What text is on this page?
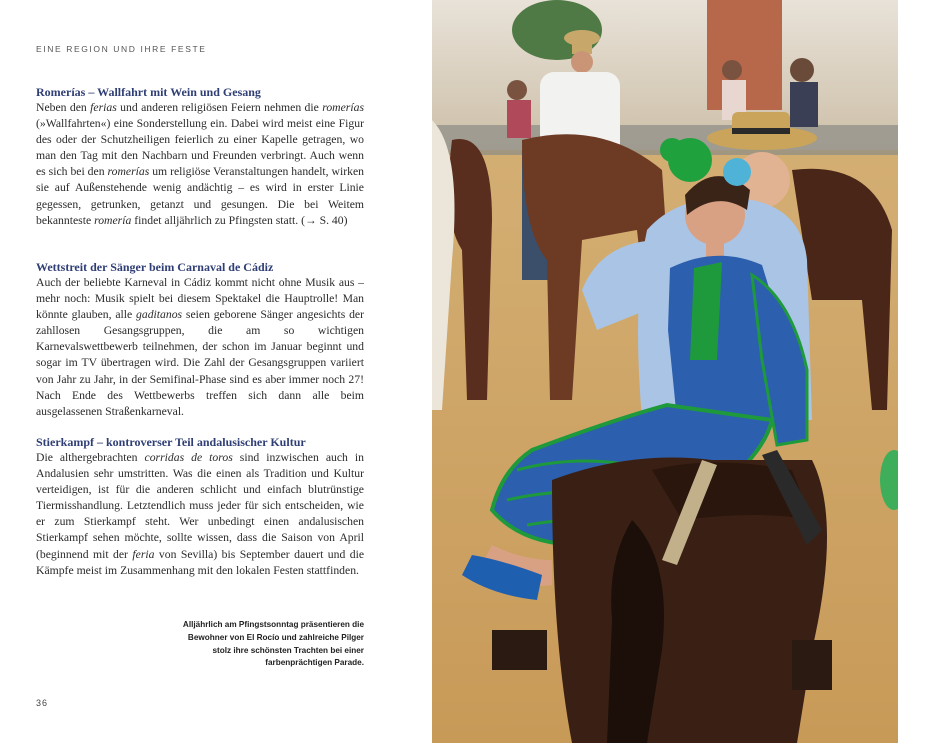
EINE REGION UND IHRE FESTE
Romerías – Wallfahrt mit Wein und Gesang

Neben den ferias und anderen religiösen Feiern nehmen die romerías (»Wallfahrten«) eine Sonderstellung ein. Dabei wird meist eine Figur des oder der Schutzheiligen feierlich zu einer Kapelle getragen, wo man den Tag mit den Nachbarn und Freunden verbringt. Auch wenn es sich bei den romerías um religiöse Veranstaltungen handelt, wirken sie auf Außenstehende wenig andächtig – es wird in erster Linie gegessen, getrunken, getanzt und gesungen. Die bei Weitem bekannteste romería findet alljährlich zu Pfingsten statt. (→ S. 40)

Wettstreit der Sänger beim Carnaval de Cádiz

Auch der beliebte Karneval in Cádiz kommt nicht ohne Musik aus – mehr noch: Musik spielt bei diesem Spektakel die Hauptrolle! Man könnte glauben, alle gaditanos seien geborene Sänger angesichts der zahllosen Gesangsgruppen, die am so wichtigen Karnevalswettbewerb teilnehmen, der schon im Januar beginnt und sogar im TV übertragen wird. Die Zahl der Gesangsgruppen variiert von Jahr zu Jahr, in der Semifinal-Phase sind es aber immer noch 27! Nach Ende des Wettbewerbs treffen sich dann alle beim ausgelassenen Straßenkarneval.

Stierkampf – kontroverser Teil andalusischer Kultur

Die althergebrachten corridas de toros sind inzwischen auch in Andalusien sehr umstritten. Was die einen als Tradition und Kultur verteidigen, ist für die anderen schlicht und einfach blutrünstige Tiermisshandlung. Letztendlich muss jeder für sich entscheiden, wie er zum Stierkampf steht. Wer unbedingt einen andalusischen Stierkampf sehen möchte, sollte wissen, dass die Saison von April (beginnend mit der feria von Sevilla) bis September dauert und die Kämpfe meist im Zusammenhang mit den lokalen Festen stattfinden.

Alljährlich am Pfingstsonntag präsentieren die Bewohner von El Rocío und zahlreiche Pilger stolz ihre schönsten Trachten bei einer farbenprächtigen Parade.
36
